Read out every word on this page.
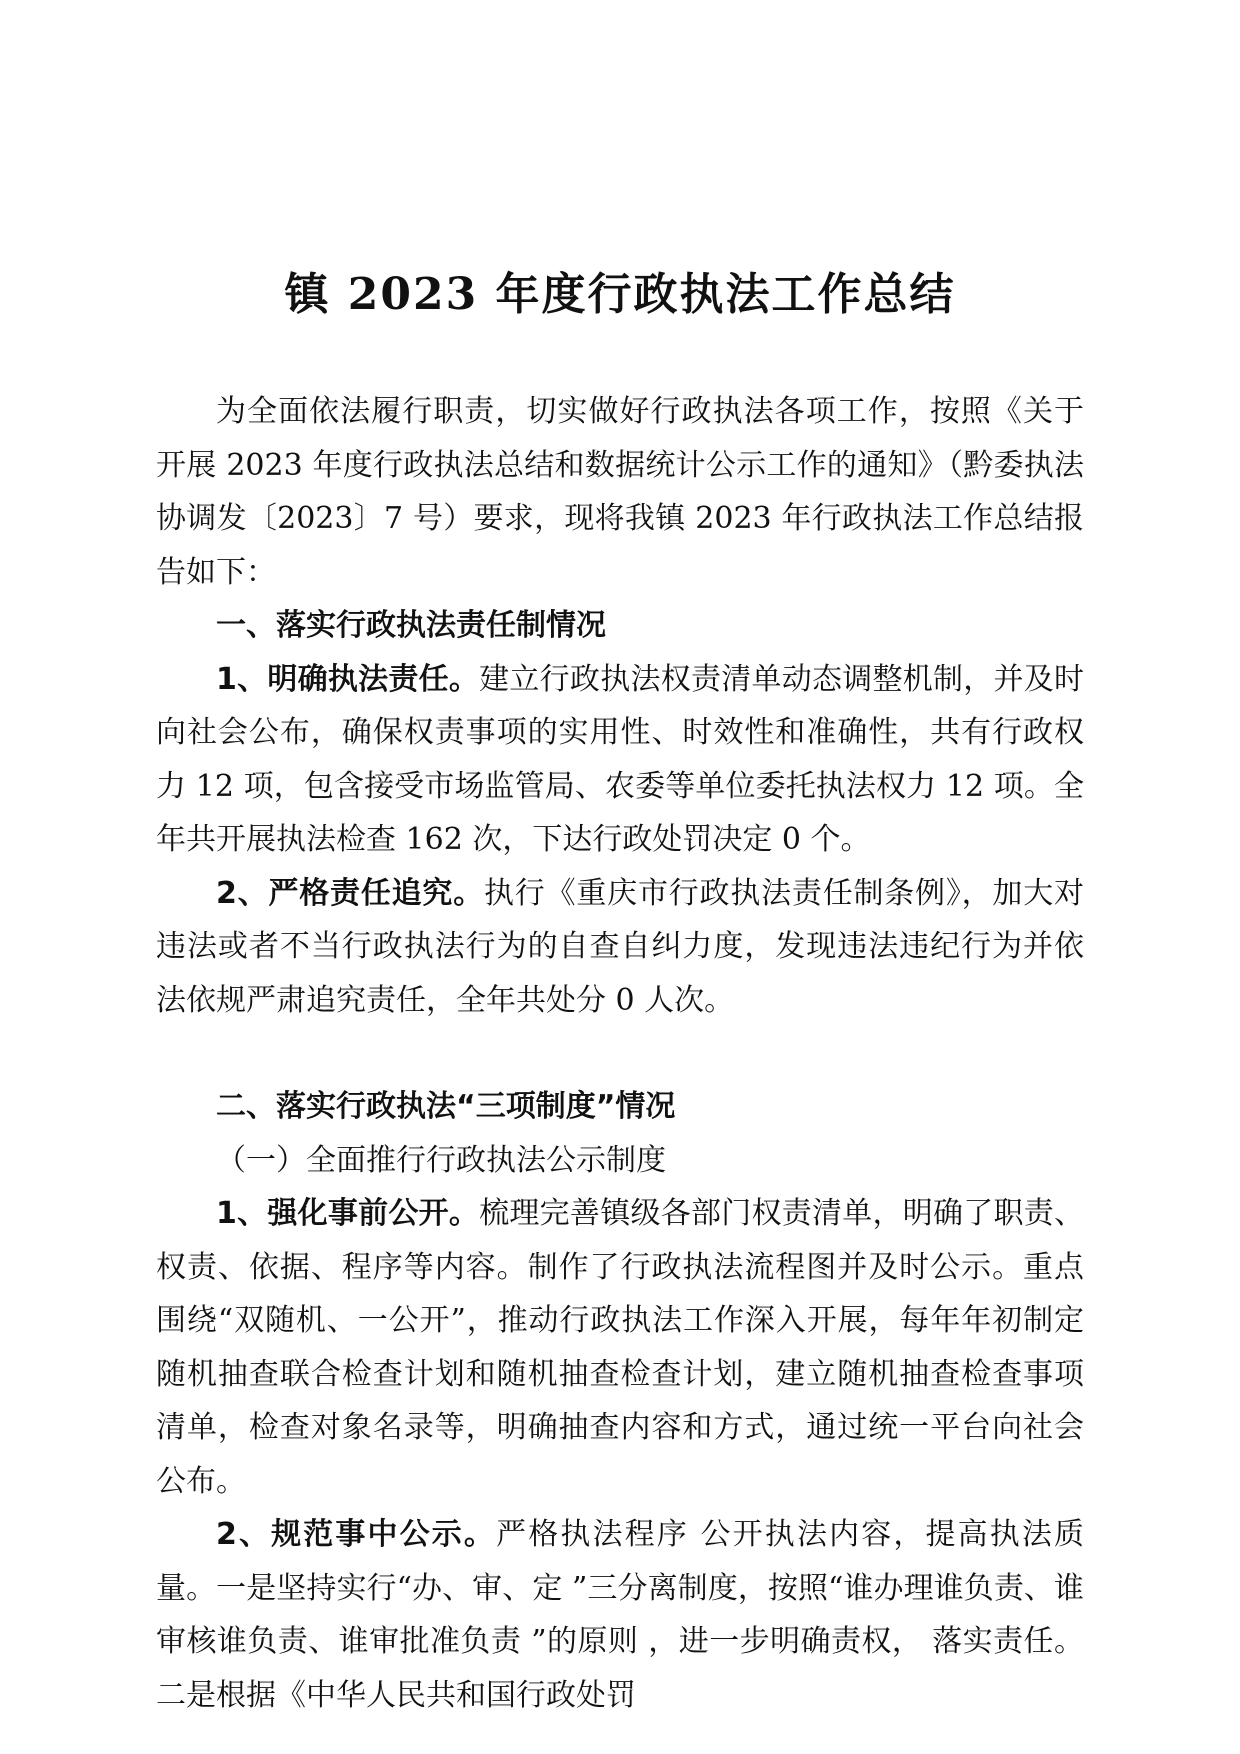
镇 2023 年度行政执法工作总结

为全面依法履行职责，切实做好行政执法各项工作，按照《关于开展 2023 年度行政执法总结和数据统计公示工作的通知》（黔委执法协调发〔2023〕7 号）要求，现将我镇 2023 年行政执法工作总结报告如下：

一、落实行政执法责任制情况

1、明确执法责任。建立行政执法权责清单动态调整机制，并及时向社会公布，确保权责事项的实用性、时效性和准确性，共有行政权力 12 项，包含接受市场监管局、农委等单位委托执法权力 12 项。全年共开展执法检查 162 次，下达行政处罚决定 0 个。

2、严格责任追究。执行《重庆市行政执法责任制条例》，加大对违法或者不当行政执法行为的自查自纠力度，发现违法违纪行为并依法依规严肃追究责任，全年共处分 0 人次。

二、落实行政执法“三项制度”情况

（一）全面推行行政执法公示制度

1、强化事前公开。梳理完善镇级各部门权责清单，明确了职责、权责、依据、程序等内容。制作了行政执法流程图并及时公示。重点围绕“双随机、一公开”，推动行政执法工作深入开展，每年年初制定随机抽查联合检查计划和随机抽查检查计划，建立随机抽查检查事项清单，检查对象名录等，明确抽查内容和方式，通过统一平台向社会公布。

2、规范事中公示。严格执法程序 公开执法内容，提高执法质量。一是坚持实行“办、审、定 ”三分离制度，按照“谁办理谁负责、谁审核谁负责、谁审批准负责 ”的原则 ，进一步明确责权， 落实责任。二是根据《中华人民共和国行政处罚
